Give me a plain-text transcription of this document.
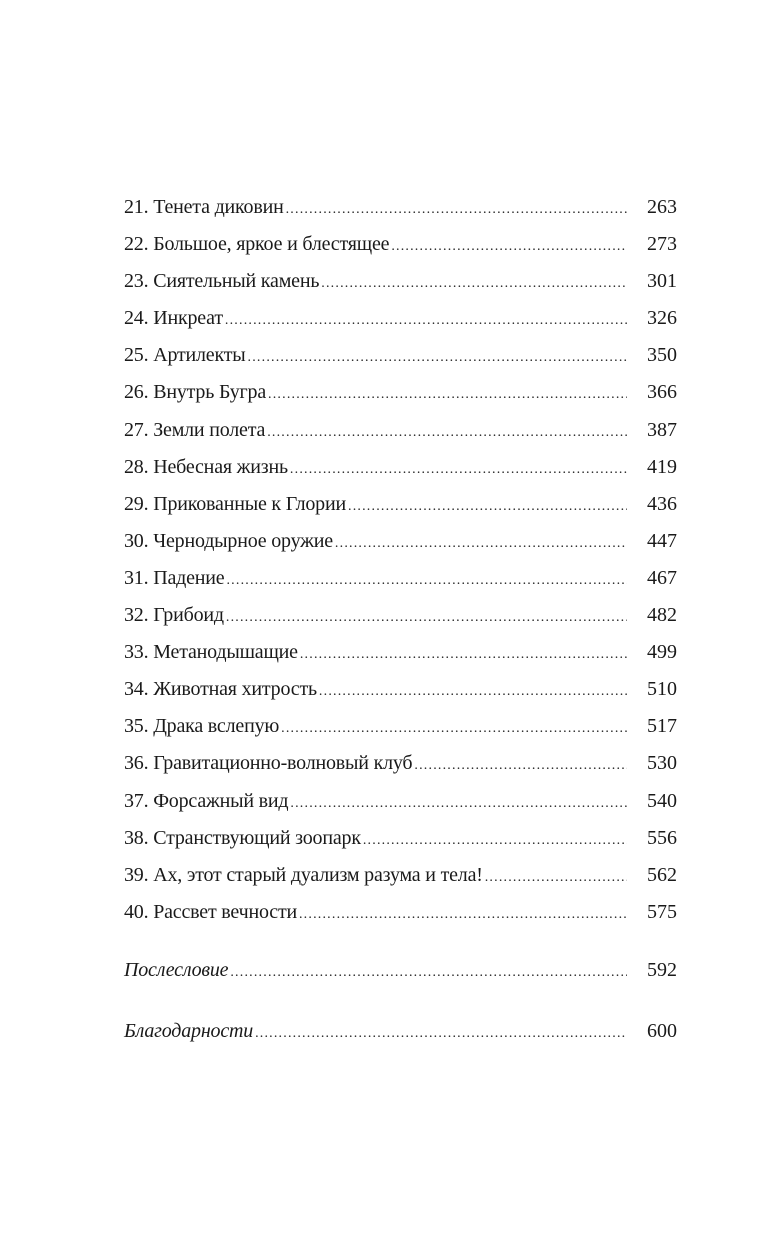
21. Тенета диковин .....	263
22. Большое, яркое и блестящее .....	273
23. Сиятельный камень .....	301
24. Инкреат .....	326
25. Артилекты .....	350
26. Внутрь Бугра .....	366
27. Земли полета .....	387
28. Небесная жизнь .....	419
29. Прикованные к Глории .....	436
30. Чернодырное оружие .....	447
31. Падение .....	467
32. Грибоид .....	482
33. Метанодышащие .....	499
34. Животная хитрость .....	510
35. Драка вслепую .....	517
36. Гравитационно-волновый клуб .....	530
37. Форсажный вид .....	540
38. Странствующий зоопарк .....	556
39. Ах, этот старый дуализм разума и тела! .....	562
40. Рассвет вечности .....	575
Послесловие .....	592
Благодарности .....	600
